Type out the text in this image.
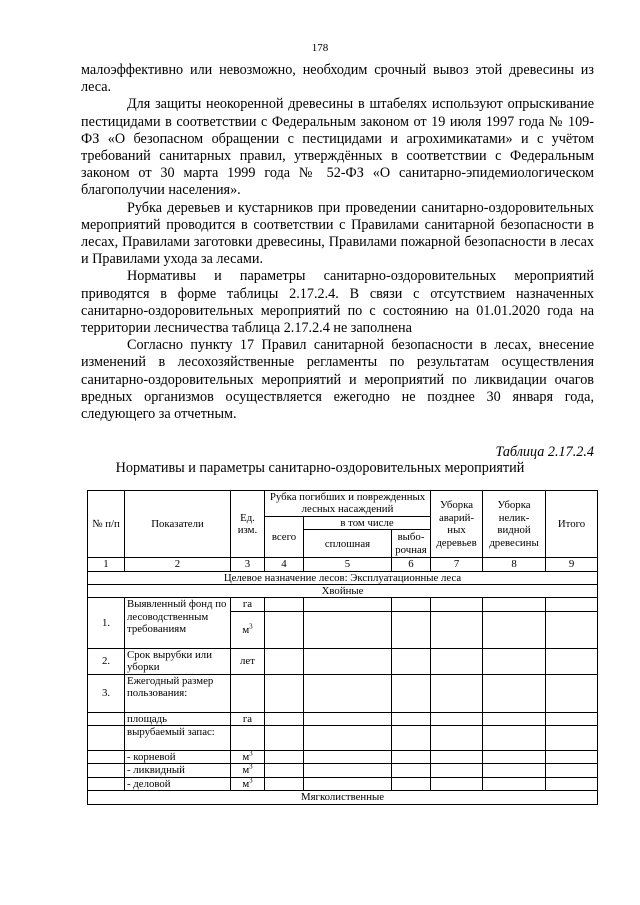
178

малоэффективно или невозможно, необходим срочный вывоз этой древесины из леса.

Для защиты неокоренной древесины в штабелях используют опрыскивание пестицидами в соответствии с Федеральным законом от 19 июля 1997 года № 109-ФЗ «О безопасном обращении с пестицидами и агрохимикатами» и с учётом требований санитарных правил, утверждённых в соответствии с Федеральным законом от 30 марта 1999 года № 52-ФЗ «О санитарно-эпидемиологическом благополучии населения».

Рубка деревьев и кустарников при проведении санитарно-оздоровительных мероприятий проводится в соответствии с Правилами санитарной безопасности в лесах, Правилами заготовки древесины, Правилами пожарной безопасности в лесах и Правилами ухода за лесами.

Нормативы и параметры санитарно-оздоровительных мероприятий приводятся в форме таблицы 2.17.2.4. В связи с отсутствием назначенных санитарно-оздоровительных мероприятий по с состоянию на 01.01.2020 года на территории лесничества таблица 2.17.2.4 не заполнена

Согласно пункту 17 Правил санитарной безопасности в лесах, внесение изменений в лесохозяйственные регламенты по результатам осуществления санитарно-оздоровительных мероприятий и мероприятий по ликвидации очагов вредных организмов осуществляется ежегодно не позднее 30 января года, следующего за отчетным.

Таблица 2.17.2.4
Нормативы и параметры санитарно-оздоровительных мероприятий
№ п/п	Показатели	Ед. изм.	Рубка погибших и поврежденных лесных насаждений			Уборка аварий-ных деревьев	Уборка нелик-видной древесины	Итого
			всего	в том числе				
				сплошная	выбо-рочная			
1	2	3	4	5	6	7	8	9
Целевое назначение лесов: Эксплуатационные леса								
Хвойные								
1.	Выявленный фонд по лесоводственным требованиям	га						
		$м^3$						
2.	Срок вырубки или уборки	лет						
3.	Ежегодный размер пользования:							
	площадь	га						
	вырубаемый запас:							
	- корневой	$м^3$						
	- ликвидный	$м^3$						
	- деловой	$м^3$						
Мягколиственные								
